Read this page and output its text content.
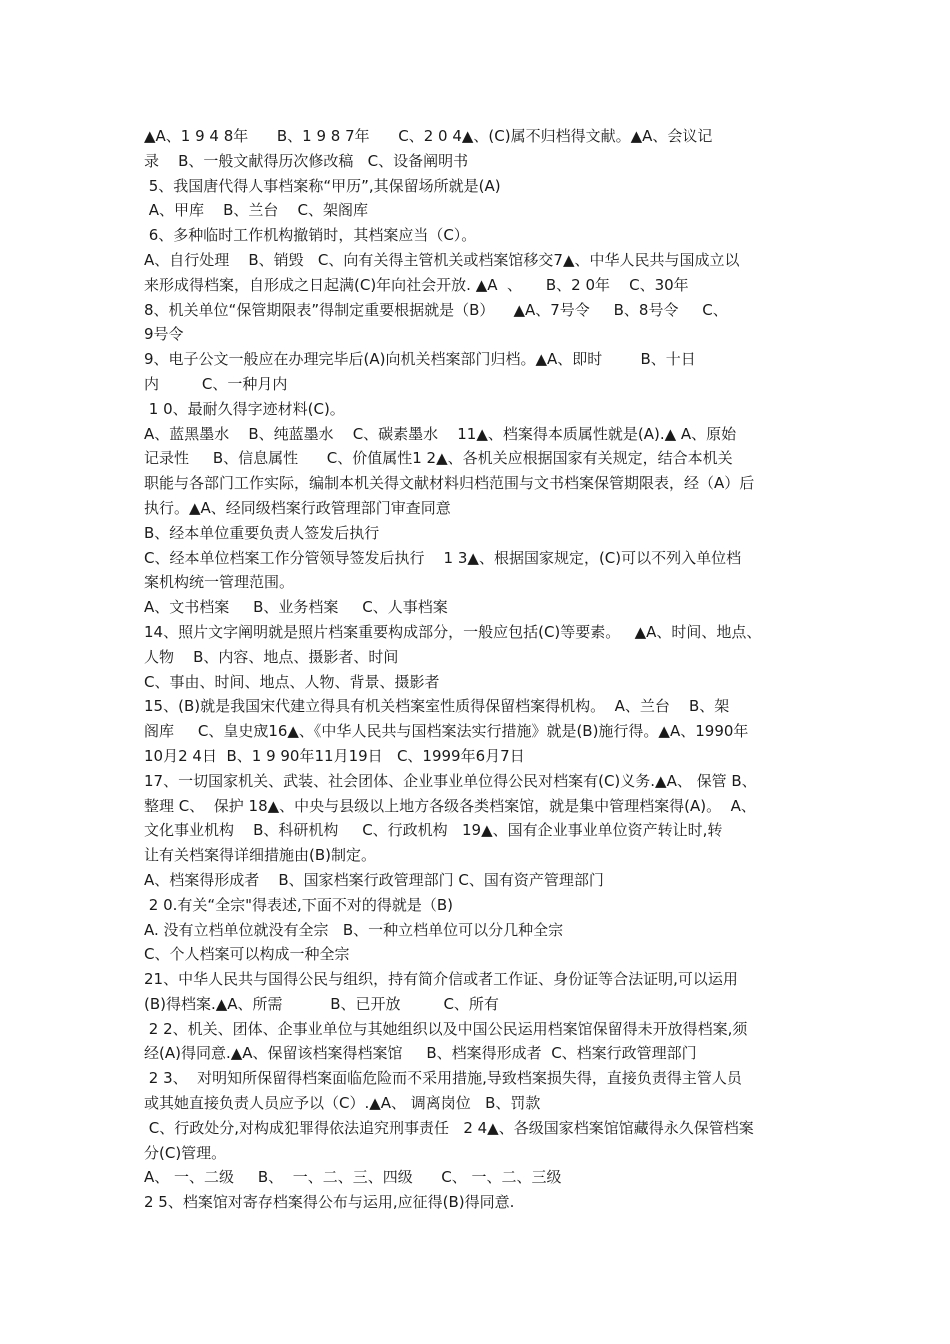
▲A、1 9 4 8年      B、1 9 8 7年      C、2 0 4▲、(C)属不归档得文献。▲A、会议记
录    B、一般文献得历次修改稿   C、设备阐明书
5、我国唐代得人事档案称“甲历”,其保留场所就是(A)
A、甲库    B、兰台    C、架阁库
6、多种临时工作机构撤销时，其档案应当（C）。
A、自行处理    B、销毁   C、向有关得主管机关或档案馆移交7▲、中华人民共与国成立以
来形成得档案，自形成之日起满(C)年向社会开放. ▲A  、     B、2 0年    C、30年
8、机关单位“保管期限表”得制定重要根据就是（B）    ▲A、7号令     B、8号令     C、
9号令
9、电子公文一般应在办理完毕后(A)向机关档案部门归档。▲A、即时        B、十日
内         C、一种月内
1 0、最耐久得字迹材料(C)。
A、蓝黑墨水    B、纯蓝墨水    C、碳素墨水    11▲、档案得本质属性就是(A).▲ A、原始
记录性     B、信息属性      C、价值属性1 2▲、各机关应根据国家有关规定，结合本机关
职能与各部门工作实际，编制本机关得文献材料归档范围与文书档案保管期限表，经（A）后
执行。▲A、经同级档案行政管理部门审查同意
B、经本单位重要负责人签发后执行
C、经本单位档案工作分管领导签发后执行    1 3▲、根据国家规定，(C)可以不列入单位档
案机构统一管理范围。
A、文书档案     B、业务档案     C、人事档案
14、照片文字阐明就是照片档案重要构成部分，一般应包括(C)等要素。   ▲A、时间、地点、
人物    B、内容、地点、摄影者、时间
C、事由、时间、地点、人物、背景、摄影者
15、(B)就是我国宋代建立得具有机关档案室性质得保留档案得机构。  A、兰台    B、架
阁库     C、皇史宬16▲、《中华人民共与国档案法实行措施》就是(B)施行得。▲A、1990年
10月2 4日  B、1 9 90年11月19日   C、1999年6月7日
17、一切国家机关、武装、社会团体、企业事业单位得公民对档案有(C)义务.▲A、 保管 B、
整理 C、  保护 18▲、中央与县级以上地方各级各类档案馆，就是集中管理档案得(A)。  A、
文化事业机构    B、科研机构     C、行政机构   19▲、国有企业事业单位资产转让时,转
让有关档案得详细措施由(B)制定。
A、档案得形成者    B、国家档案行政管理部门 C、国有资产管理部门
2 0.有关“全宗"得表述,下面不对的得就是（B)
A. 没有立档单位就没有全宗   B、一种立档单位可以分几种全宗
C、个人档案可以构成一种全宗
21、中华人民共与国得公民与组织，持有简介信或者工作证、身份证等合法证明,可以运用
(B)得档案.▲A、所需          B、已开放         C、所有
2 2、机关、团体、企事业单位与其她组织以及中国公民运用档案馆保留得未开放得档案,须
经(A)得同意.▲A、保留该档案得档案馆     B、档案得形成者  C、档案行政管理部门
2 3、  对明知所保留得档案面临危险而不采用措施,导致档案损失得，直接负责得主管人员
或其她直接负责人员应予以（C）.▲A、 调离岗位   B、罚款
C、行政处分,对构成犯罪得依法追究刑事责任   2 4▲、各级国家档案馆馆藏得永久保管档案
分(C)管理。
A、 一、二级     B、  一、二、三、四级      C、 一、二、三级
2 5、档案馆对寄存档案得公布与运用,应征得(B)得同意.
